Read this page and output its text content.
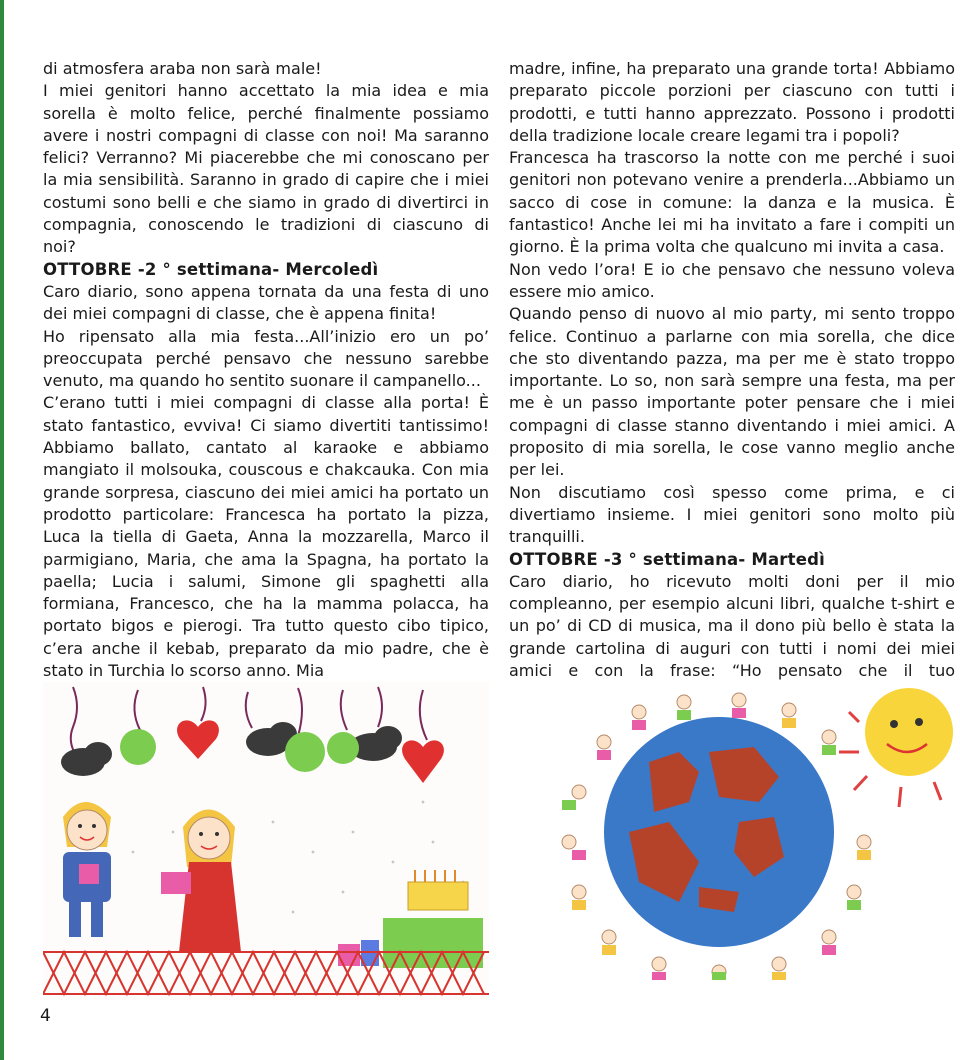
di atmosfera araba non sarà male!

I miei genitori hanno accettato la mia idea e mia sorella è molto felice, perché finalmente possiamo avere i nostri compagni di classe con noi! Ma saranno felici? Verranno? Mi piacerebbe che mi conoscano per la mia sensibilità. Saranno in grado di capire che i miei costumi sono belli e che siamo in grado di divertirci in compagnia, conoscendo le tradizioni di ciascuno di noi?

OTTOBRE -2 ° settimana- Mercoledì

Caro diario, sono appena tornata da una festa di uno dei miei compagni di classe, che è appena finita!

Ho ripensato alla mia festa...All’inizio ero un po’ preoccupata perché pensavo che nessuno sarebbe venuto, ma quando ho sentito suonare il campanello...

C’erano tutti i miei compagni di classe alla porta! È stato fantastico, evviva! Ci siamo divertiti tantissimo! Abbiamo ballato, cantato al karaoke e abbiamo mangiato il molsouka, couscous e chakcauka. Con mia grande sorpresa, ciascuno dei miei amici ha portato un prodotto particolare: Francesca ha portato la pizza, Luca la tiella di Gaeta, Anna la mozzarella, Marco il parmigiano, Maria, che ama la Spagna, ha portato la paella; Lucia i salumi, Simone gli spaghetti alla formiana, Francesco, che ha la mamma polacca, ha portato bigos e pierogi. Tra tutto questo cibo tipico, c’era anche il kebab, preparato da mio padre, che è stato in Turchia lo scorso anno. Mia

madre, infine, ha preparato una grande torta! Abbiamo preparato piccole porzioni per ciascuno con tutti i prodotti, e tutti hanno apprezzato. Possono i prodotti della tradizione locale creare legami tra i popoli?

Francesca ha trascorso la notte con me perché i suoi genitori non potevano venire a prenderla...Abbiamo un sacco di cose in comune: la danza e la musica. È fantastico! Anche lei mi ha invitato a fare i compiti un giorno. È la prima volta che qualcuno mi invita a casa.

Non vedo l’ora! E io che pensavo che nessuno voleva essere mio amico.

Quando penso di nuovo al mio party, mi sento troppo felice. Continuo a parlarne con mia sorella, che dice che sto diventando pazza, ma per me è stato troppo importante. Lo so, non sarà sempre una festa, ma per me è un passo importante poter pensare che i miei compagni di classe stanno diventando i miei amici. A proposito di mia sorella, le cose vanno meglio anche per lei.

Non discutiamo così spesso come prima, e ci divertiamo insieme. I miei genitori sono molto più tranquilli.

OTTOBRE -3 ° settimana- Martedì

Caro diario, ho ricevuto molti doni per il mio compleanno, per esempio alcuni libri, qualche t-shirt e un po’ di CD di musica, ma il dono più bello è stata la grande cartolina di auguri con tutti i nomi dei miei amici e con la frase: “Ho pensato che il tuo

4
